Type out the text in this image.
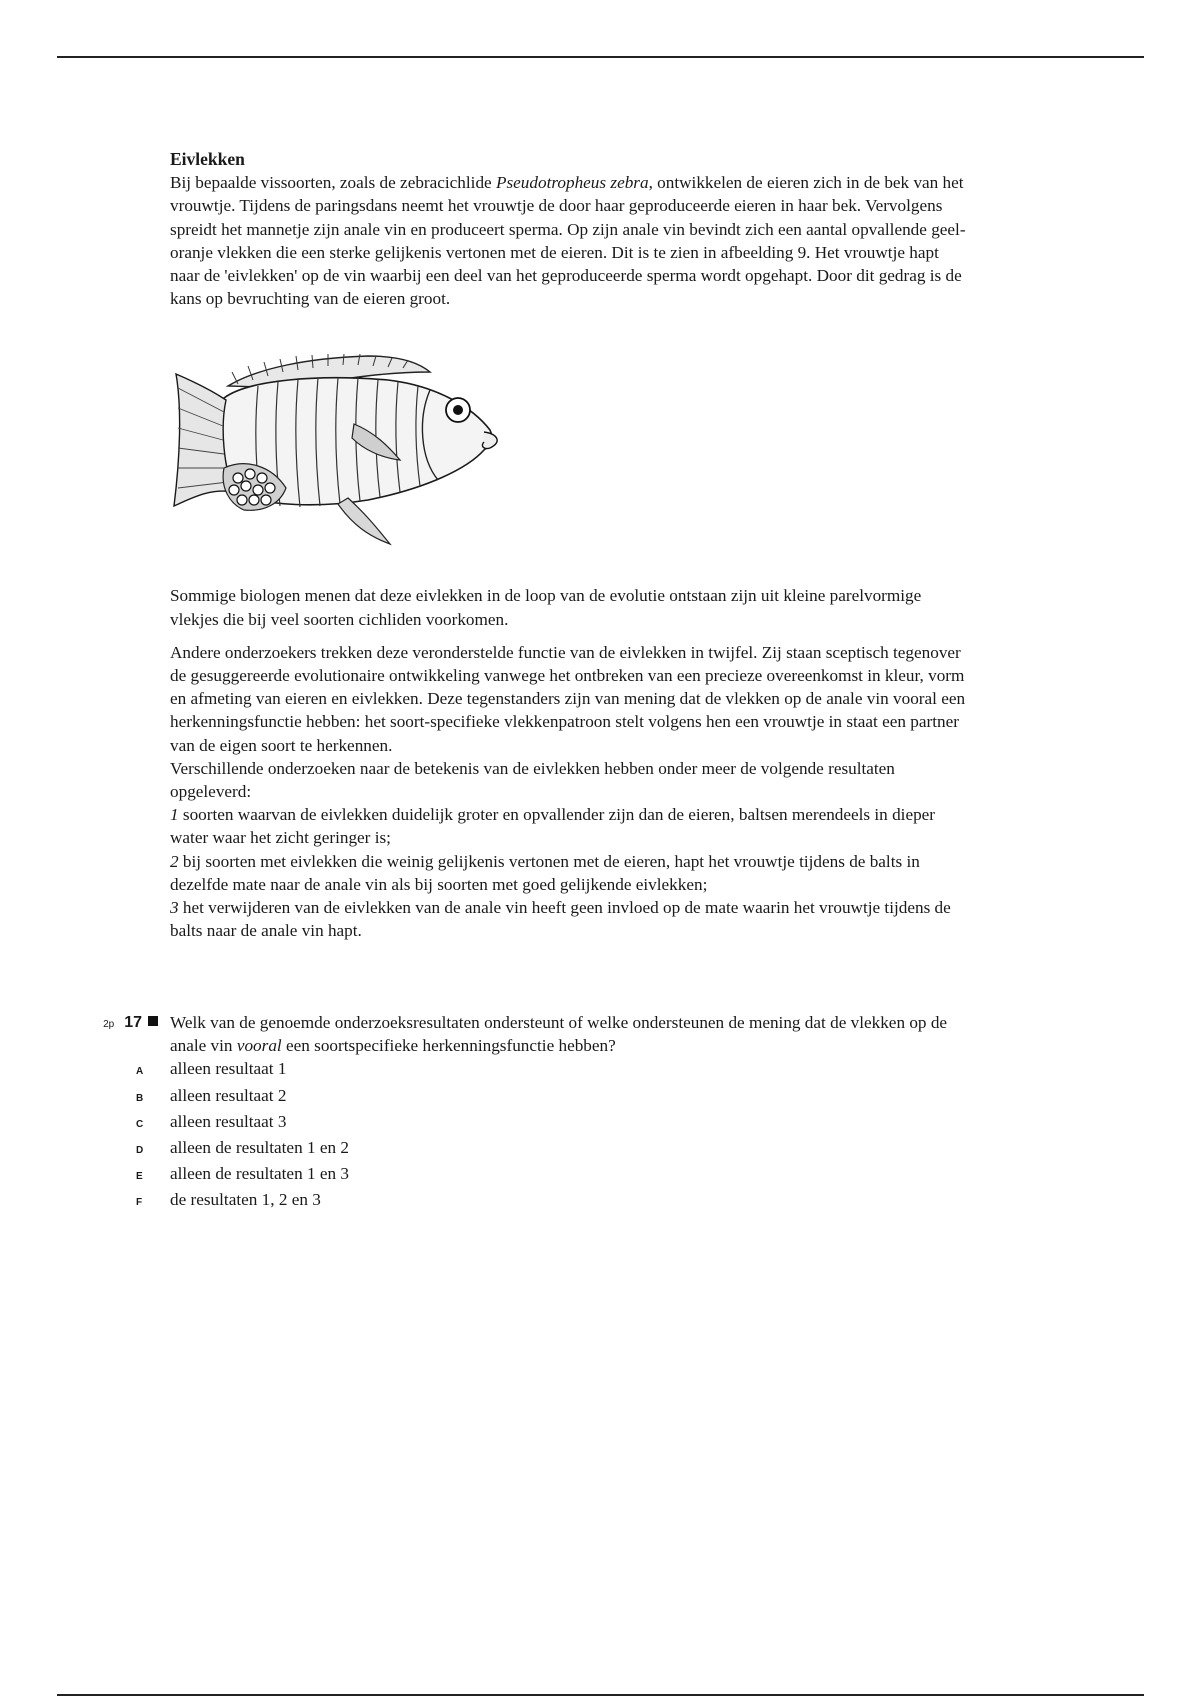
Eivlekken

Bij bepaalde vissoorten, zoals de zebracichlide Pseudotropheus zebra, ontwikkelen de eieren zich in de bek van het vrouwtje. Tijdens de paringsdans neemt het vrouwtje de door haar geproduceerde eieren in haar bek. Vervolgens spreidt het mannetje zijn anale vin en produceert sperma. Op zijn anale vin bevindt zich een aantal opvallende geel-oranje vlekken die een sterke gelijkenis vertonen met de eieren. Dit is te zien in afbeelding 9. Het vrouwtje hapt naar de 'eivlekken' op de vin waarbij een deel van het geproduceerde sperma wordt opgehapt. Door dit gedrag is de kans op bevruchting van de eieren groot.

Sommige biologen menen dat deze eivlekken in de loop van de evolutie ontstaan zijn uit kleine parelvormige vlekjes die bij veel soorten cichliden voorkomen.

Andere onderzoekers trekken deze veronderstelde functie van de eivlekken in twijfel. Zij staan sceptisch tegenover de gesuggereerde evolutionaire ontwikkeling vanwege het ontbreken van een precieze overeenkomst in kleur, vorm en afmeting van eieren en eivlekken. Deze tegenstanders zijn van mening dat de vlekken op de anale vin vooral een herkenningsfunctie hebben: het soort-specifieke vlekkenpatroon stelt volgens hen een vrouwtje in staat een partner van de eigen soort te herkennen.

Verschillende onderzoeken naar de betekenis van de eivlekken hebben onder meer de volgende resultaten opgeleverd:

1 soorten waarvan de eivlekken duidelijk groter en opvallender zijn dan de eieren, baltsen merendeels in dieper water waar het zicht geringer is;

2 bij soorten met eivlekken die weinig gelijkenis vertonen met de eieren, hapt het vrouwtje tijdens de balts in dezelfde mate naar de anale vin als bij soorten met goed gelijkende eivlekken;

3 het verwijderen van de eivlekken van de anale vin heeft geen invloed op de mate waarin het vrouwtje tijdens de balts naar de anale vin hapt.

2p 17 Welk van de genoemde onderzoeksresultaten ondersteunt of welke ondersteunen de mening dat de vlekken op de anale vin vooral een soortspecifieke herkenningsfunctie hebben?
A	alleen resultaat 1
B	alleen resultaat 2
C	alleen resultaat 3
D	alleen de resultaten 1 en 2
E	alleen de resultaten 1 en 3
F	de resultaten 1, 2 en 3
